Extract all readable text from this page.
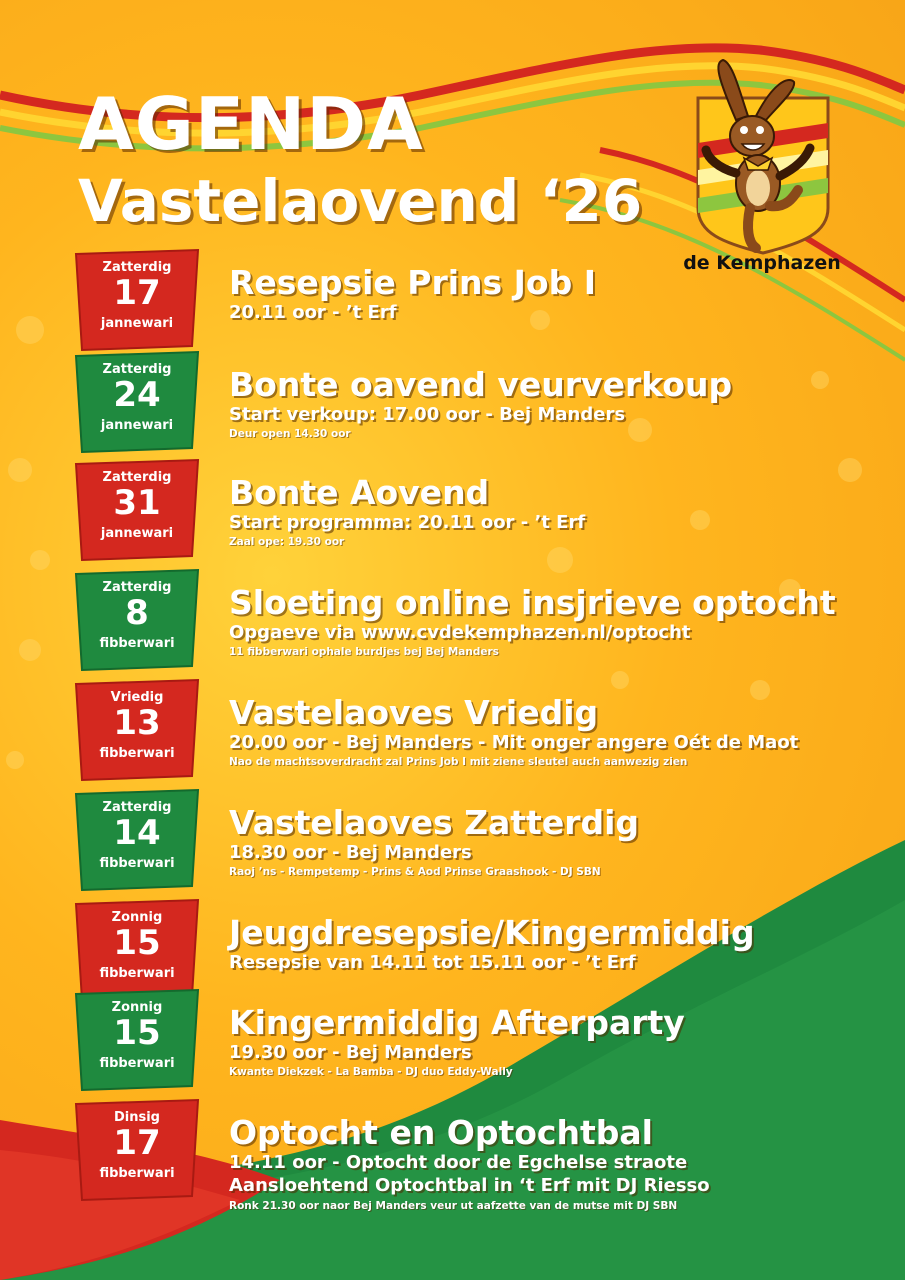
AGENDA
Vastelaovend ‘26
de Kemphazen
Zatterdig
17
jannewari
Resepsie Prins Job I
20.11 oor - ’t Erf
Zatterdig
24
jannewari
Bonte oavend veurverkoup
Start verkoup: 17.00 oor - Bej Manders
Deur open 14.30 oor
Zatterdig
31
jannewari
Bonte Aovend
Start programma: 20.11 oor - ’t Erf
Zaal ope: 19.30 oor
Zatterdig
8
fibberwari
Sloeting online insjrieve optocht
Opgaeve via www.cvdekemphazen.nl/optocht
11 fibberwari ophale burdjes bej Bej Manders
Vriedig
13
fibberwari
Vastelaoves Vriedig
20.00 oor - Bej Manders - Mit onger angere Oét de Maot
Nao de machtsoverdracht zal Prins Job I mit ziene sleutel auch aanwezig zien
Zatterdig
14
fibberwari
Vastelaoves Zatterdig
18.30 oor - Bej Manders
Raoj ’ns - Rempetemp - Prins & Aod Prinse Graashook - DJ SBN
Zonnig
15
fibberwari
Jeugdresepsie/Kingermiddig
Resepsie van 14.11 tot 15.11 oor - ’t Erf
Zonnig
15
fibberwari
Kingermiddig Afterparty
19.30 oor - Bej Manders
Kwante Diekzek - La Bamba - DJ duo Eddy-Wally
Dinsig
17
fibberwari
Optocht en Optochtbal
14.11 oor - Optocht door de Egchelse straote
Aansloehtend Optochtbal in ‘t Erf mit DJ Riesso
Ronk 21.30 oor naor Bej Manders veur ut aafzette van de mutse mit DJ SBN
